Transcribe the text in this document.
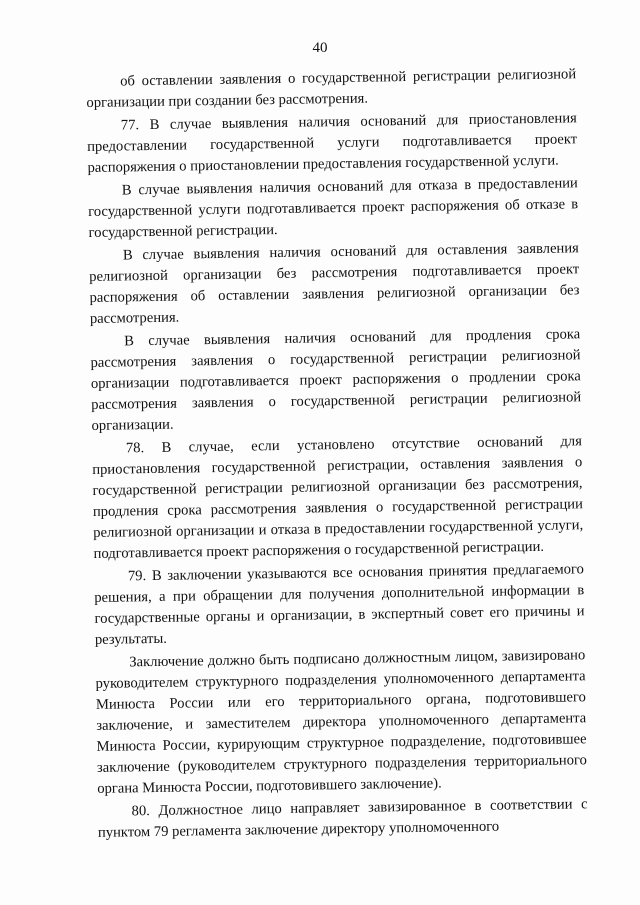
40

об оставлении заявления о государственной регистрации религиозной организации при создании без рассмотрения.

77. В случае выявления наличия оснований для приостановления предоставлении государственной услуги подготавливается проект распоряжения о приостановлении предоставления государственной услуги.

В случае выявления наличия оснований для отказа в предоставлении государственной услуги подготавливается проект распоряжения об отказе в государственной регистрации.

В случае выявления наличия оснований для оставления заявления религиозной организации без рассмотрения подготавливается проект распоряжения об оставлении заявления религиозной организации без рассмотрения.

В случае выявления наличия оснований для продления срока рассмотрения заявления о государственной регистрации религиозной организации подготавливается проект распоряжения о продлении срока рассмотрения заявления о государственной регистрации религиозной организации.

78. В случае, если установлено отсутствие оснований для приостановления государственной регистрации, оставления заявления о государственной регистрации религиозной организации без рассмотрения, продления срока рассмотрения заявления о государственной регистрации религиозной организации и отказа в предоставлении государственной услуги, подготавливается проект распоряжения о государственной регистрации.

79. В заключении указываются все основания принятия предлагаемого решения, а при обращении для получения дополнительной информации в государственные органы и организации, в экспертный совет его причины и результаты.

Заключение должно быть подписано должностным лицом, завизировано руководителем структурного подразделения уполномоченного департамента Минюста России или его территориального органа, подготовившего заключение, и заместителем директора уполномоченного департамента Минюста России, курирующим структурное подразделение, подготовившее заключение (руководителем структурного подразделения территориального органа Минюста России, подготовившего заключение).

80. Должностное лицо направляет завизированное в соответствии с пунктом 79 регламента заключение директору уполномоченного
